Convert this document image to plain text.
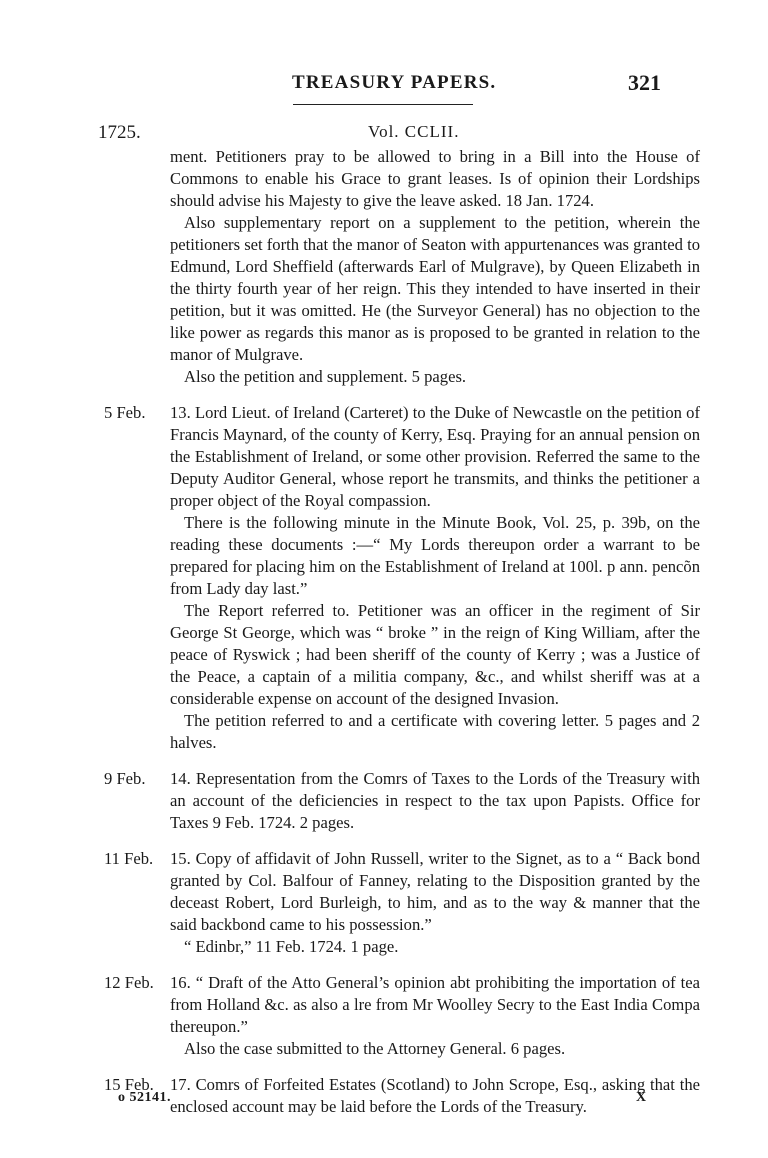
TREASURY PAPERS.	321
1725.	Vol. CCLII.

ment. Petitioners pray to be allowed to bring in a Bill into the House of Commons to enable his Grace to grant leases. Is of opinion their Lordships should advise his Majesty to give the leave asked. 18 Jan. 1724.

Also supplementary report on a supplement to the petition, wherein the petitioners set forth that the manor of Seaton with appurtenances was granted to Edmund, Lord Sheffield (afterwards Earl of Mulgrave), by Queen Elizabeth in the thirty fourth year of her reign. This they intended to have inserted in their petition, but it was omitted. He (the Surveyor General) has no objection to the like power as regards this manor as is proposed to be granted in relation to the manor of Mulgrave.

Also the petition and supplement. 5 pages.

5 Feb.	13. Lord Lieut. of Ireland (Carteret) to the Duke of Newcastle on the petition of Francis Maynard, of the county of Kerry, Esq. Praying for an annual pension on the Establishment of Ireland, or some other provision. Referred the same to the Deputy Auditor General, whose report he transmits, and thinks the petitioner a proper object of the Royal compassion.

There is the following minute in the Minute Book, Vol. 25, p. 39b, on the reading these documents :—“ My Lords thereupon order a warrant to be prepared for placing him on the Establishment of Ireland at 100l. p ann. pencõn from Lady day last.”

The Report referred to. Petitioner was an officer in the regiment of Sir George St George, which was “ broke ” in the reign of King William, after the peace of Ryswick ; had been sheriff of the county of Kerry ; was a Justice of the Peace, a captain of a militia company, &c., and whilst sheriff was at a considerable expense on account of the designed Invasion.

The petition referred to and a certificate with covering letter. 5 pages and 2 halves.

9 Feb.	14. Representation from the Comrs of Taxes to the Lords of the Treasury with an account of the deficiencies in respect to the tax upon Papists. Office for Taxes 9 Feb. 1724. 2 pages.

11 Feb.	15. Copy of affidavit of John Russell, writer to the Signet, as to a “ Back bond granted by Col. Balfour of Fanney, relating to the Disposition granted by the deceast Robert, Lord Burleigh, to him, and as to the way & manner that the said backbond came to his possession.”

“ Edinbr,” 11 Feb. 1724. 1 page.

12 Feb. 16. “ Draft of the Atto General’s opinion abt prohibiting the importation of tea from Holland &c. as also a lre from Mr Woolley Secry to the East India Compa thereupon.”

Also the case submitted to the Attorney General. 6 pages.

15 Feb. 17. Comrs of Forfeited Estates (Scotland) to John Scrope, Esq., asking that the enclosed account may be laid before the Lords of the Treasury.

o 52141.	X
